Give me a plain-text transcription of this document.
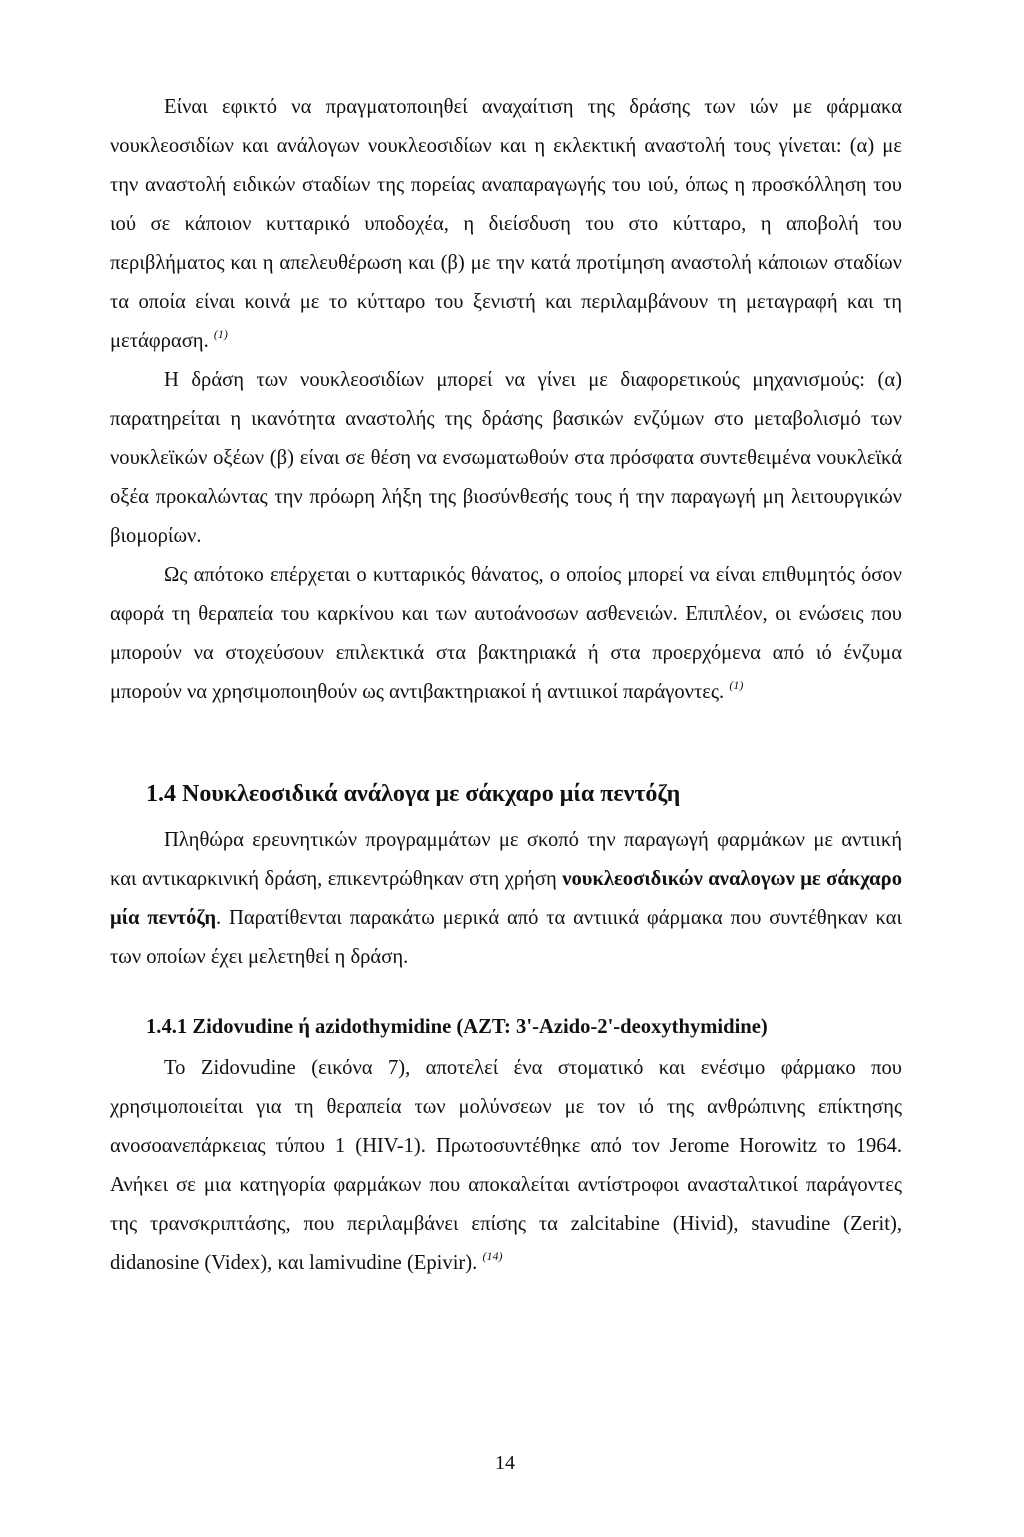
Είναι εφικτό να πραγματοποιηθεί αναχαίτιση της δράσης των ιών με φάρμακα νουκλεοσιδίων και ανάλογων νουκλεοσιδίων και η εκλεκτική αναστολή τους γίνεται: (α) με την αναστολή ειδικών σταδίων της πορείας αναπαραγωγής του ιού, όπως η προσκόλληση του ιού σε κάποιον κυτταρικό υποδοχέα, η διείσδυση του στο κύτταρο, η αποβολή του περιβλήματος και η απελευθέρωση και (β) με την κατά προτίμηση αναστολή κάποιων σταδίων τα οποία είναι κοινά με το κύτταρο του ξενιστή και περιλαμβάνουν τη μεταγραφή και τη μετάφραση. $^{(1)}$

Η δράση των νουκλεοσιδίων μπορεί να γίνει με διαφορετικούς μηχανισμούς: (α) παρατηρείται η ικανότητα αναστολής της δράσης βασικών ενζύμων στο μεταβολισμό των νουκλεϊκών οξέων (β) είναι σε θέση να ενσωματωθούν στα πρόσφατα συντεθειμένα νουκλεϊκά οξέα προκαλώντας την πρόωρη λήξη της βιοσύνθεσής τους ή την παραγωγή μη λειτουργικών βιομορίων.

Ως απότοκο επέρχεται ο κυτταρικός θάνατος, ο οποίος μπορεί να είναι επιθυμητός όσον αφορά τη θεραπεία του καρκίνου και των αυτοάνοσων ασθενειών. Επιπλέον, οι ενώσεις που μπορούν να στοχεύσουν επιλεκτικά στα βακτηριακά ή στα προερχόμενα από ιό ένζυμα μπορούν να χρησιμοποιηθούν ως αντιβακτηριακοί ή αντιιικοί παράγοντες. $^{(1)}$

1.4 Νουκλεοσιδικά ανάλογα με σάκχαρο μία πεντόζη

Πληθώρα ερευνητικών προγραμμάτων με σκοπό την παραγωγή φαρμάκων με αντιική και αντικαρκινική δράση, επικεντρώθηκαν στη χρήση νουκλεοσιδικών αναλογων με σάκχαρο μία πεντόζη. Παρατίθενται παρακάτω μερικά από τα αντιιικά φάρμακα που συντέθηκαν και των οποίων έχει μελετηθεί η δράση.

1.4.1 Zidovudine ή azidothymidine (AZT: 3'-Azido-2'-deoxythymidine)

Το Zidovudine (εικόνα 7), αποτελεί ένα στοματικό και ενέσιμο φάρμακο που χρησιμοποιείται για τη θεραπεία των μολύνσεων με τον ιό της ανθρώπινης επίκτησης ανοσοανεπάρκειας τύπου 1 (HIV-1). Πρωτοσυντέθηκε από τον Jerome Horowitz το 1964. Ανήκει σε μια κατηγορία φαρμάκων που αποκαλείται αντίστροφοι ανασταλτικοί παράγοντες της τρανσκριπτάσης, που περιλαμβάνει επίσης τα zalcitabine (Hivid), stavudine (Zerit), didanosine (Videx), και lamivudine (Epivir). $^{(14)}$

14
